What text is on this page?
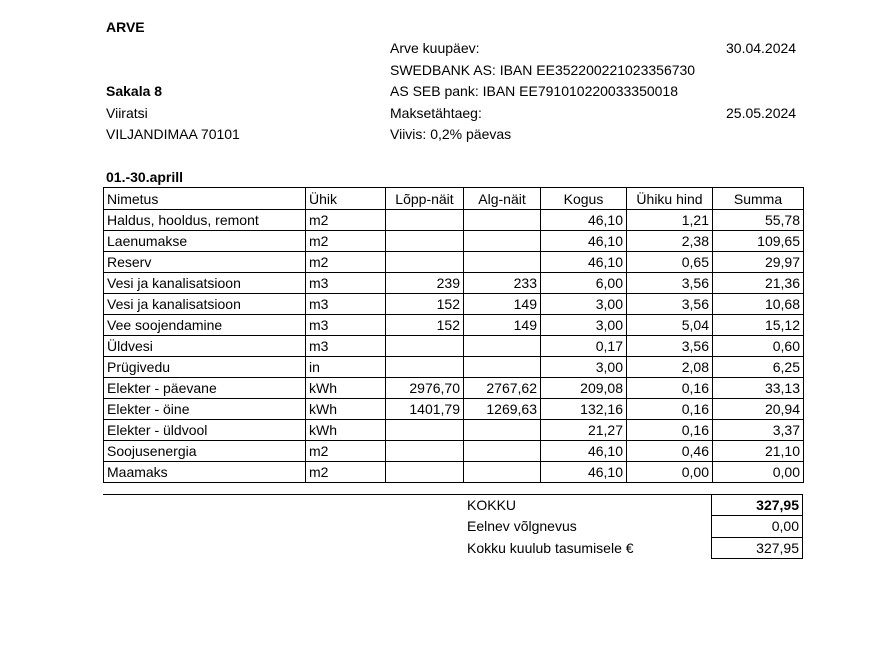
ARVE
Arve kuupäev:	30.04.2024
SWEDBANK AS: IBAN EE352200221023356730
Sakala 8	AS SEB pank: IBAN EE791010220033350018
Viiratsi	Maksetähtaeg:	25.05.2024
VILJANDIMAA 70101	Viivis: 0,2% päevas
01.-30.aprill
Nimetus	Ühik	Lõpp-näit	Alg-näit	Kogus	Ühiku hind	Summa
Haldus, hooldus, remont	m2			46,10	1,21	55,78
Laenumakse	m2			46,10	2,38	109,65
Reserv	m2			46,10	0,65	29,97
Vesi ja kanalisatsioon	m3	239	233	6,00	3,56	21,36
Vesi ja kanalisatsioon	m3	152	149	3,00	3,56	10,68
Vee soojendamine	m3	152	149	3,00	5,04	15,12
Üldvesi	m3			0,17	3,56	0,60
Prügivedu	in			3,00	2,08	6,25
Elekter - päevane	kWh	2976,70	2767,62	209,08	0,16	33,13
Elekter - öine	kWh	1401,79	1269,63	132,16	0,16	20,94
Elekter - üldvool	kWh			21,27	0,16	3,37
Soojusenergia	m2			46,10	0,46	21,10
Maamaks	m2			46,10	0,00	0,00
KOKKU	327,95
Eelnev võlgnevus	0,00
Kokku kuulub tasumisele €	327,95
